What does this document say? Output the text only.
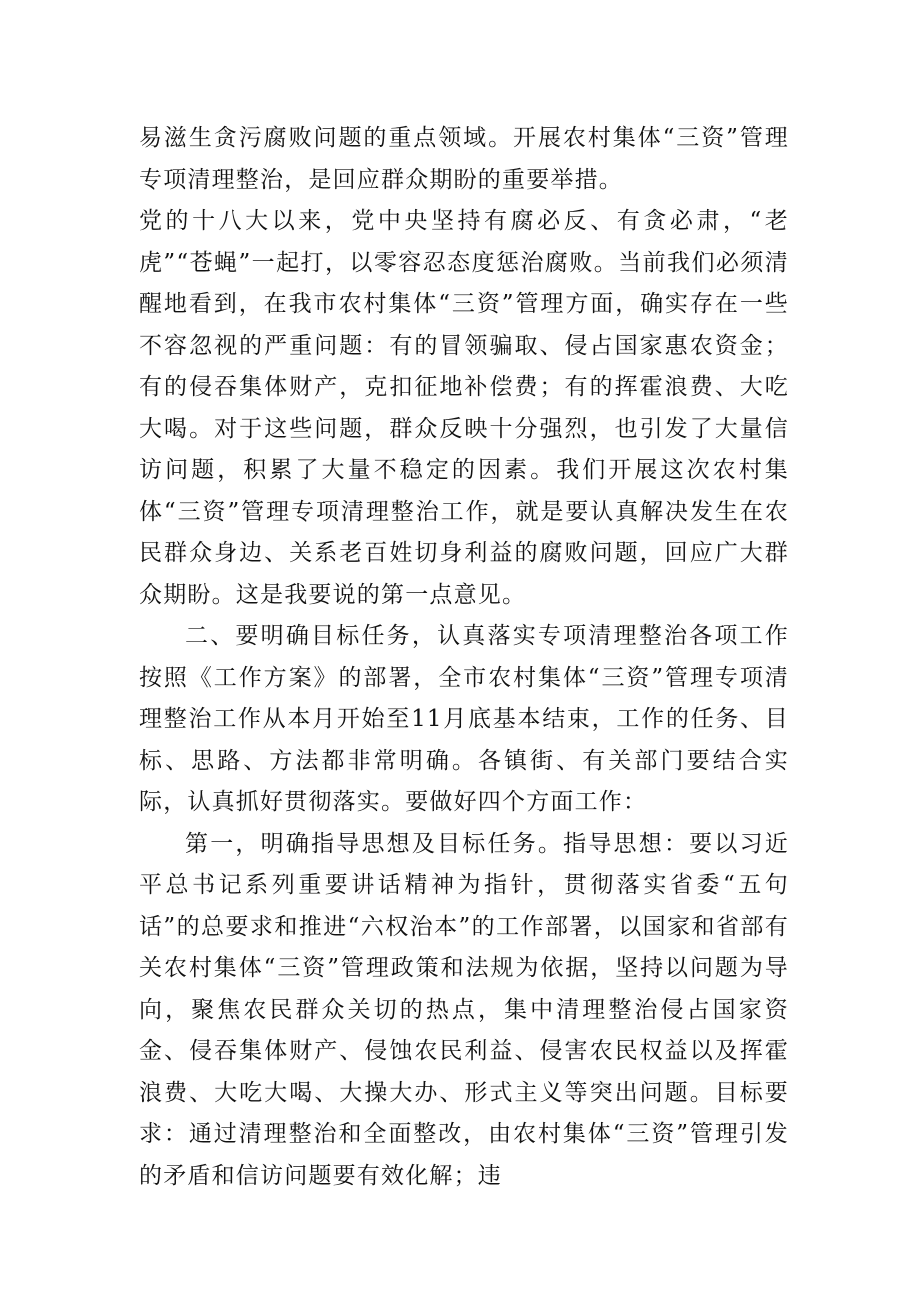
易滋生贪污腐败问题的重点领域。开展农村集体“三资”管理专项清理整治，是回应群众期盼的重要举措。

党的十八大以来，党中央坚持有腐必反、有贪必肃，“老虎”“苍蝇”一起打，以零容忍态度惩治腐败。当前我们必须清醒地看到，在我市农村集体“三资”管理方面，确实存在一些不容忽视的严重问题：有的冒领骗取、侵占国家惠农资金；有的侵吞集体财产，克扣征地补偿费；有的挥霍浪费、大吃大喝。对于这些问题，群众反映十分强烈，也引发了大量信访问题，积累了大量不稳定的因素。我们开展这次农村集体“三资”管理专项清理整治工作，就是要认真解决发生在农民群众身边、关系老百姓切身利益的腐败问题，回应广大群众期盼。这是我要说的第一点意见。

二、要明确目标任务，认真落实专项清理整治各项工作按照《工作方案》的部署，全市农村集体“三资”管理专项清理整治工作从本月开始至11月底基本结束，工作的任务、目标、思路、方法都非常明确。各镇街、有关部门要结合实际，认真抓好贯彻落实。要做好四个方面工作：

第一，明确指导思想及目标任务。指导思想：要以习近平总书记系列重要讲话精神为指针，贯彻落实省委“五句话”的总要求和推进“六权治本”的工作部署，以国家和省部有关农村集体“三资”管理政策和法规为依据，坚持以问题为导向，聚焦农民群众关切的热点，集中清理整治侵占国家资金、侵吞集体财产、侵蚀农民利益、侵害农民权益以及挥霍浪费、大吃大喝、大操大办、形式主义等突出问题。目标要求：通过清理整治和全面整改，由农村集体“三资”管理引发的矛盾和信访问题要有效化解；违
